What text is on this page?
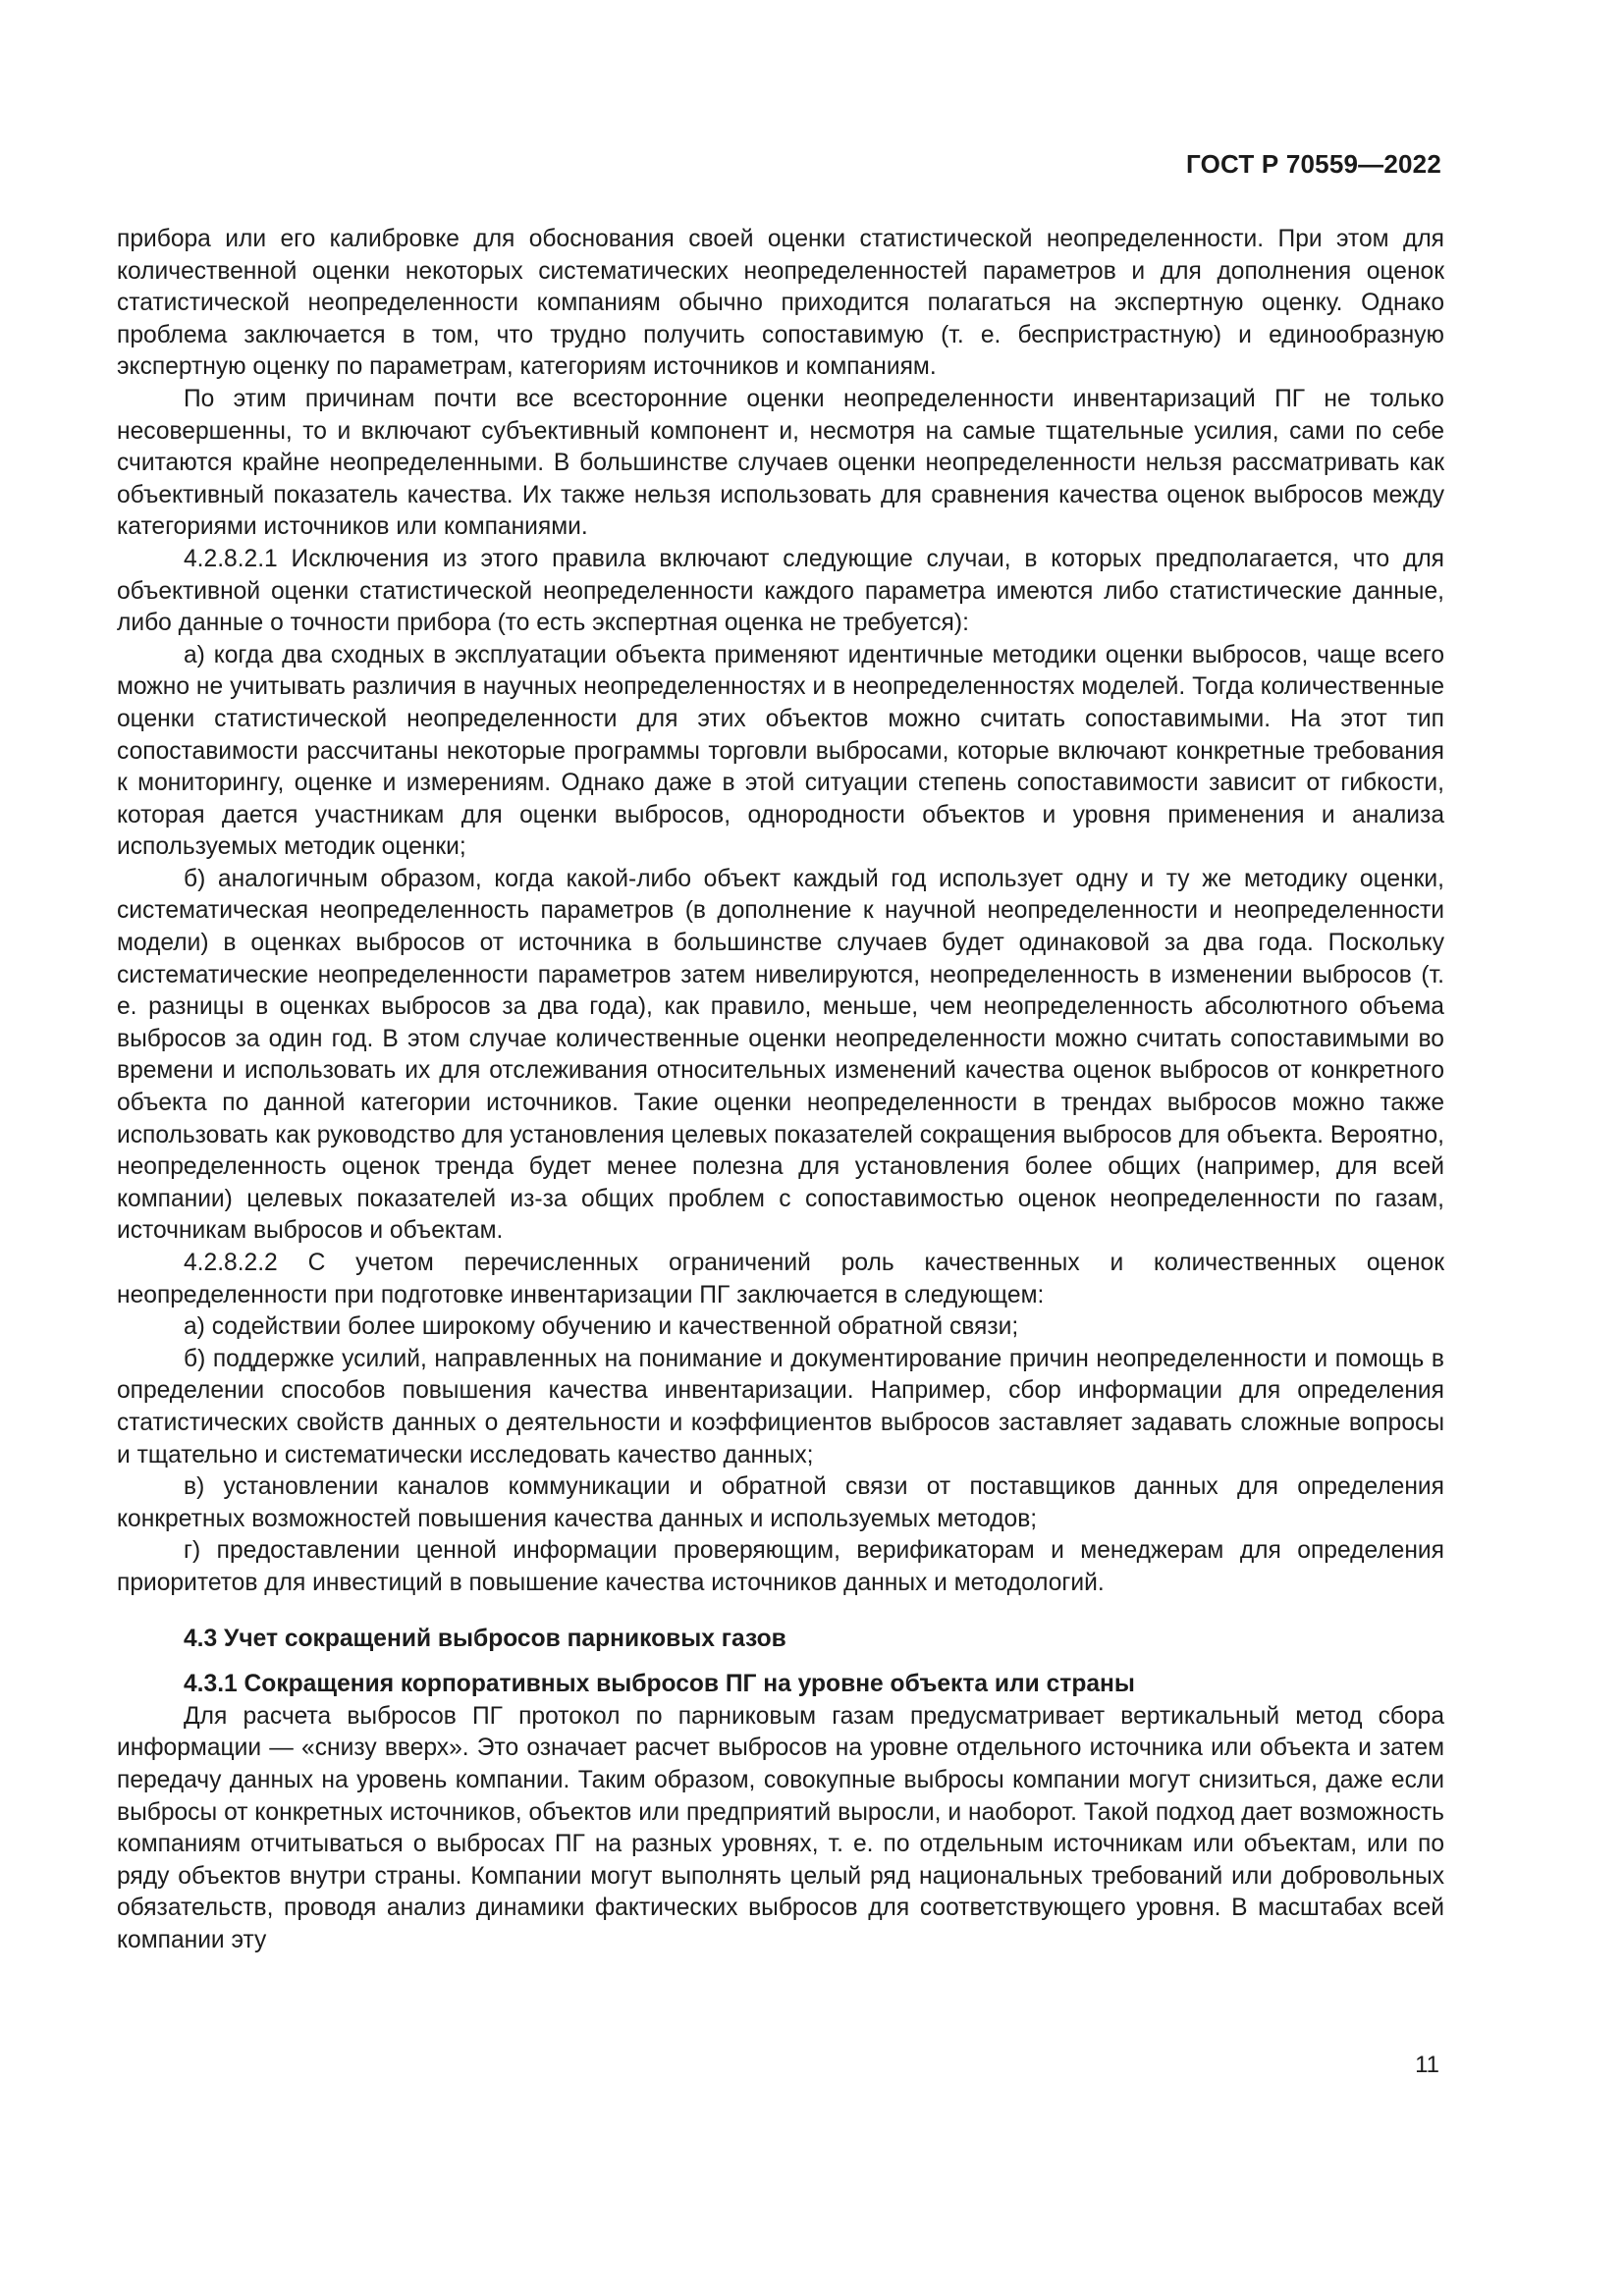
ГОСТ Р 70559—2022

прибора или его калибровке для обоснования своей оценки статистической неопределенности. При этом для количественной оценки некоторых систематических неопределенностей параметров и для дополнения оценок статистической неопределенности компаниям обычно приходится полагаться на экспертную оценку. Однако проблема заключается в том, что трудно получить сопоставимую (т. е. беспристрастную) и единообразную экспертную оценку по параметрам, категориям источников и компаниям.

По этим причинам почти все всесторонние оценки неопределенности инвентаризаций ПГ не только несовершенны, то и включают субъективный компонент и, несмотря на самые тщательные усилия, сами по себе считаются крайне неопределенными. В большинстве случаев оценки неопределенности нельзя рассматривать как объективный показатель качества. Их также нельзя использовать для сравнения качества оценок выбросов между категориями источников или компаниями.

4.2.8.2.1 Исключения из этого правила включают следующие случаи, в которых предполагается, что для объективной оценки статистической неопределенности каждого параметра имеются либо статистические данные, либо данные о точности прибора (то есть экспертная оценка не требуется):

а) когда два сходных в эксплуатации объекта применяют идентичные методики оценки выбросов, чаще всего можно не учитывать различия в научных неопределенностях и в неопределенностях моделей. Тогда количественные оценки статистической неопределенности для этих объектов можно считать сопоставимыми. На этот тип сопоставимости рассчитаны некоторые программы торговли выбросами, которые включают конкретные требования к мониторингу, оценке и измерениям. Однако даже в этой ситуации степень сопоставимости зависит от гибкости, которая дается участникам для оценки выбросов, однородности объектов и уровня применения и анализа используемых методик оценки;

б) аналогичным образом, когда какой-либо объект каждый год использует одну и ту же методику оценки, систематическая неопределенность параметров (в дополнение к научной неопределенности и неопределенности модели) в оценках выбросов от источника в большинстве случаев будет одинаковой за два года. Поскольку систематические неопределенности параметров затем нивелируются, неопределенность в изменении выбросов (т. е. разницы в оценках выбросов за два года), как правило, меньше, чем неопределенность абсолютного объема выбросов за один год. В этом случае количественные оценки неопределенности можно считать сопоставимыми во времени и использовать их для отслеживания относительных изменений качества оценок выбросов от конкретного объекта по данной категории источников. Такие оценки неопределенности в трендах выбросов можно также использовать как руководство для установления целевых показателей сокращения выбросов для объекта. Вероятно, неопределенность оценок тренда будет менее полезна для установления более общих (например, для всей компании) целевых показателей из-за общих проблем с сопоставимостью оценок неопределенности по газам, источникам выбросов и объектам.

4.2.8.2.2 С учетом перечисленных ограничений роль качественных и количественных оценок неопределенности при подготовке инвентаризации ПГ заключается в следующем:

а) содействии более широкому обучению и качественной обратной связи;

б) поддержке усилий, направленных на понимание и документирование причин неопределенности и помощь в определении способов повышения качества инвентаризации. Например, сбор информации для определения статистических свойств данных о деятельности и коэффициентов выбросов заставляет задавать сложные вопросы и тщательно и систематически исследовать качество данных;

в) установлении каналов коммуникации и обратной связи от поставщиков данных для определения конкретных возможностей повышения качества данных и используемых методов;

г) предоставлении ценной информации проверяющим, верификаторам и менеджерам для определения приоритетов для инвестиций в повышение качества источников данных и методологий.

4.3 Учет сокращений выбросов парниковых газов
4.3.1 Сокращения корпоративных выбросов ПГ на уровне объекта или страны

Для расчета выбросов ПГ протокол по парниковым газам предусматривает вертикальный метод сбора информации — «снизу вверх». Это означает расчет выбросов на уровне отдельного источника или объекта и затем передачу данных на уровень компании. Таким образом, совокупные выбросы компании могут снизиться, даже если выбросы от конкретных источников, объектов или предприятий выросли, и наоборот. Такой подход дает возможность компаниям отчитываться о выбросах ПГ на разных уровнях, т. е. по отдельным источникам или объектам, или по ряду объектов внутри страны. Компании могут выполнять целый ряд национальных требований или добровольных обязательств, проводя анализ динамики фактических выбросов для соответствующего уровня. В масштабах всей компании эту

11
